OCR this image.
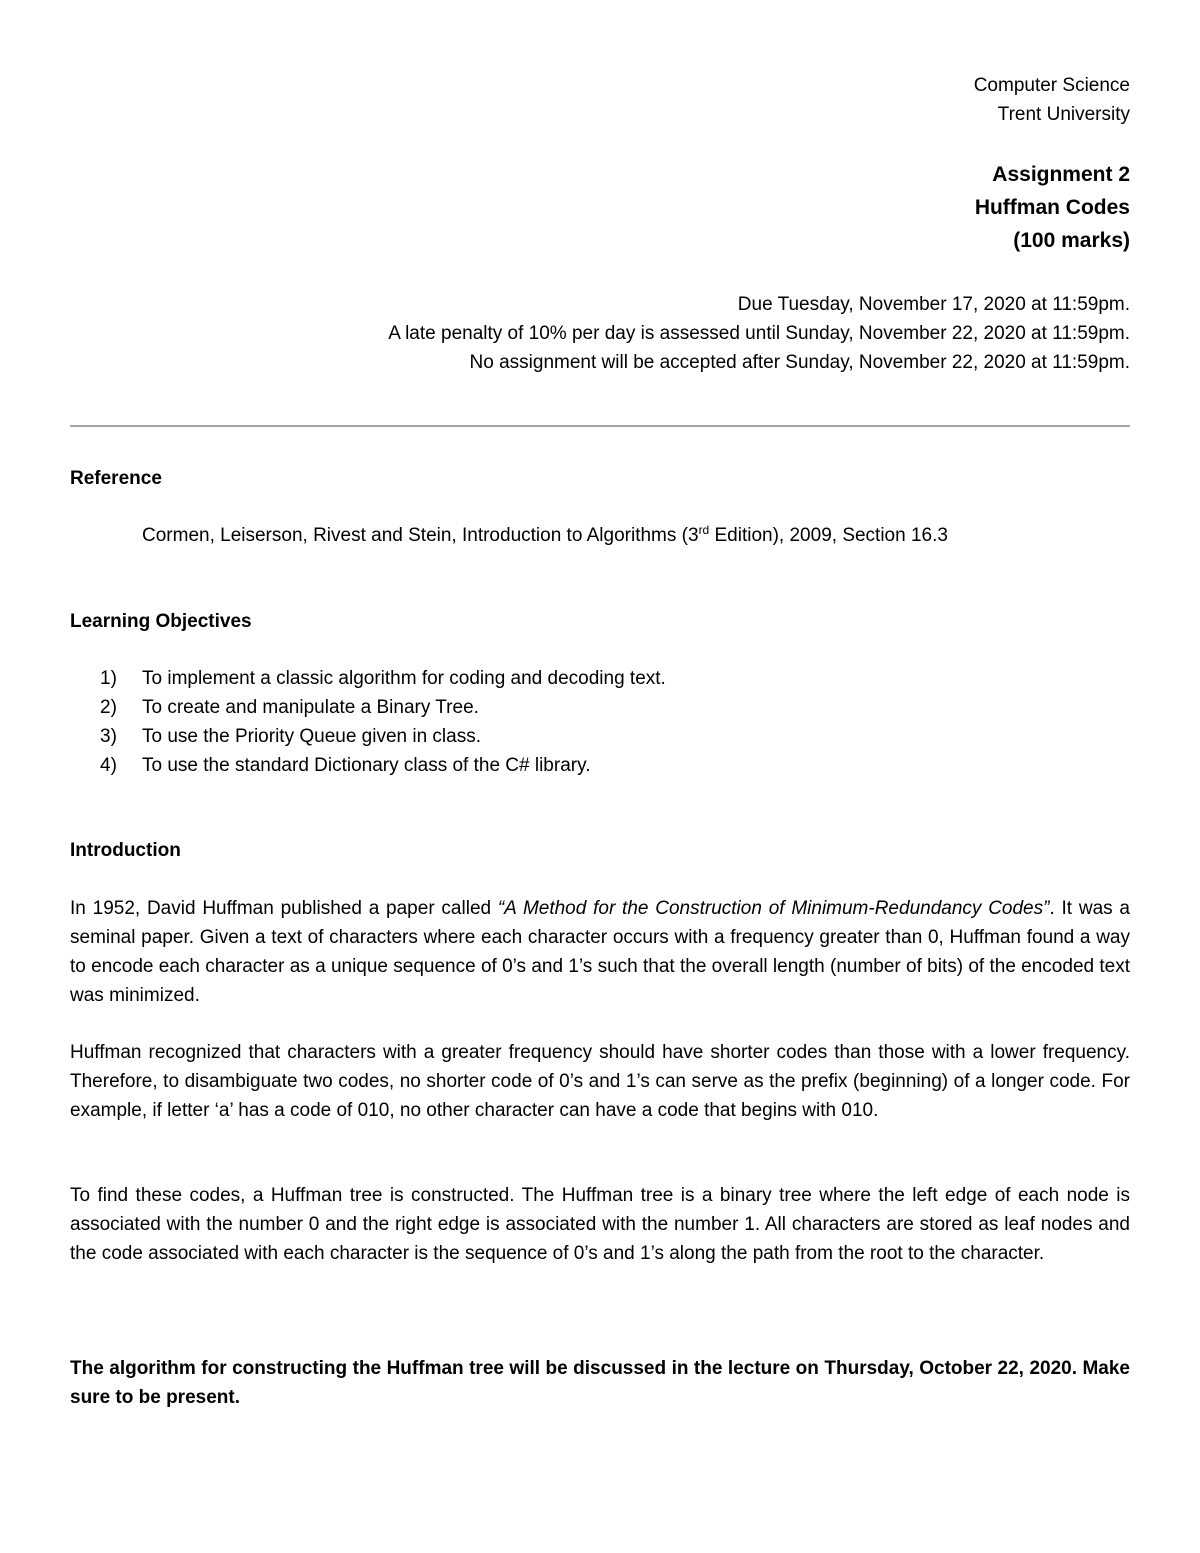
Computer Science
Trent University
Assignment 2
Huffman Codes
(100 marks)
Due Tuesday, November 17, 2020 at 11:59pm.
A late penalty of 10% per day is assessed until Sunday, November 22, 2020 at 11:59pm.
No assignment will be accepted after Sunday, November 22, 2020 at 11:59pm.
Reference
Cormen, Leiserson, Rivest and Stein, Introduction to Algorithms (3rd Edition), 2009, Section 16.3
Learning Objectives
1) To implement a classic algorithm for coding and decoding text.
2) To create and manipulate a Binary Tree.
3) To use the Priority Queue given in class.
4) To use the standard Dictionary class of the C# library.
Introduction
In 1952, David Huffman published a paper called “A Method for the Construction of Minimum-Redundancy Codes”. It was a seminal paper. Given a text of characters where each character occurs with a frequency greater than 0, Huffman found a way to encode each character as a unique sequence of 0’s and 1’s such that the overall length (number of bits) of the encoded text was minimized.
Huffman recognized that characters with a greater frequency should have shorter codes than those with a lower frequency. Therefore, to disambiguate two codes, no shorter code of 0’s and 1’s can serve as the prefix (beginning) of a longer code. For example, if letter ‘a’ has a code of 010, no other character can have a code that begins with 010.
To find these codes, a Huffman tree is constructed. The Huffman tree is a binary tree where the left edge of each node is associated with the number 0 and the right edge is associated with the number 1. All characters are stored as leaf nodes and the code associated with each character is the sequence of 0’s and 1’s along the path from the root to the character.
The algorithm for constructing the Huffman tree will be discussed in the lecture on Thursday, October 22, 2020. Make sure to be present.
